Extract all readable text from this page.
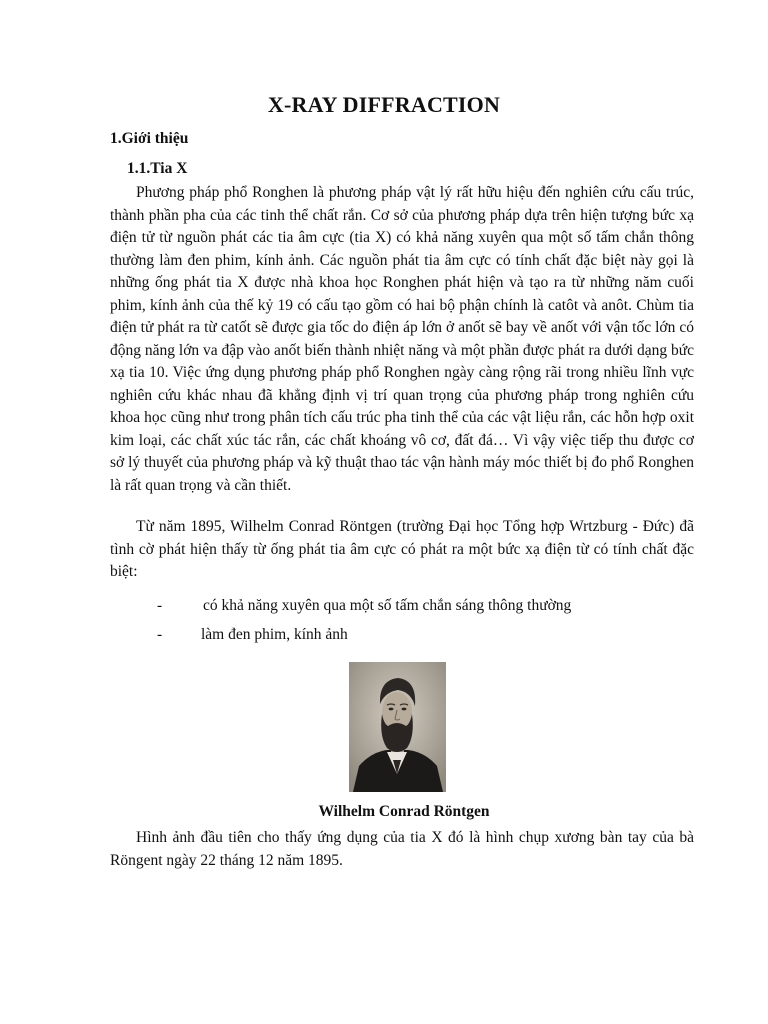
X-RAY DIFFRACTION
1.Giới thiệu
1.1.Tia X

Phương pháp phổ Ronghen là phương pháp vật lý rất hữu hiệu đến nghiên cứu cấu trúc, thành phần pha của các tinh thể chất rắn. Cơ sở của phương pháp dựa trên hiện tượng bức xạ điện tử từ nguồn phát các tia âm cực (tia X) có khả năng xuyên qua một số tấm chắn thông thường làm đen phim, kính ảnh. Các nguồn phát tia âm cực có tính chất đặc biệt này gọi là những ống phát tia X được nhà khoa học Ronghen phát hiện và tạo ra từ những năm cuối phim, kính ảnh của thế kỷ 19 có cấu tạo gồm có hai bộ phận chính là catôt và anôt. Chùm tia điện tử phát ra từ catốt sẽ được gia tốc do điện áp lớn ở anốt sẽ bay về anốt với vận tốc lớn có động năng lớn va đập vào anốt biến thành nhiệt năng và một phần được phát ra dưới dạng bức xạ tia 10. Việc ứng dụng phương pháp phổ Ronghen ngày càng rộng rãi trong nhiều lĩnh vực nghiên cứu khác nhau đã khẳng định vị trí quan trọng của phương pháp trong nghiên cứu khoa học cũng như trong phân tích cấu trúc pha tinh thể của các vật liệu rắn, các hỗn hợp oxit kim loại, các chất xúc tác rắn, các chất khoáng vô cơ, đất đá… Vì vậy việc tiếp thu được cơ sở lý thuyết của phương pháp và kỹ thuật thao tác vận hành máy móc thiết bị đo phổ Ronghen là rất quan trọng và cần thiết.

Từ năm 1895, Wilhelm Conrad Röntgen (trường Đại học Tổng hợp Wrtzburg - Đức) đã tình cờ phát hiện thấy từ ống phát tia âm cực có phát ra một bức xạ điện từ có tính chất đặc biệt:

-	có khả năng xuyên qua một số tấm chắn sáng thông thường
-	làm đen phim, kính ảnh
Wilhelm Conrad Röntgen

Hình ảnh đầu tiên cho thấy ứng dụng của tia X đó là hình chụp xương bàn tay của bà Röngent ngày 22 tháng 12 năm 1895.
